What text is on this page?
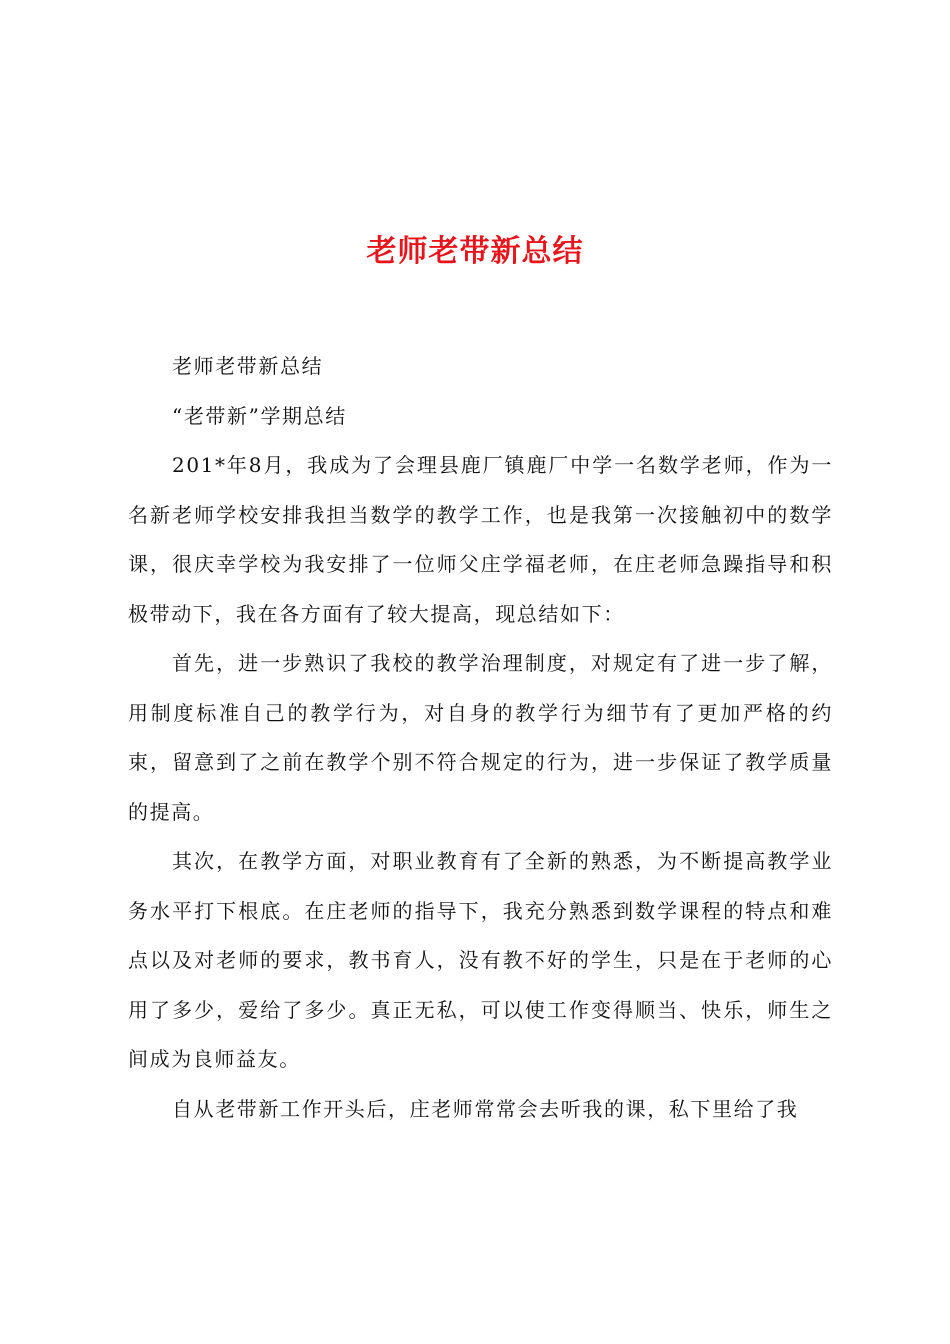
老师老带新总结

老师老带新总结

“老带新”学期总结

201*年8月，我成为了会理县鹿厂镇鹿厂中学一名数学老师，作为一名新老师学校安排我担当数学的教学工作，也是我第一次接触初中的数学课，很庆幸学校为我安排了一位师父庄学福老师，在庄老师急躁指导和积极带动下，我在各方面有了较大提高，现总结如下：

首先，进一步熟识了我校的教学治理制度，对规定有了进一步了解，用制度标准自己的教学行为，对自身的教学行为细节有了更加严格的约束，留意到了之前在教学个别不符合规定的行为，进一步保证了教学质量的提高。

其次，在教学方面，对职业教育有了全新的熟悉，为不断提高教学业务水平打下根底。在庄老师的指导下，我充分熟悉到数学课程的特点和难点以及对老师的要求，教书育人，没有教不好的学生，只是在于老师的心用了多少，爱给了多少。真正无私，可以使工作变得顺当、快乐，师生之间成为良师益友。

自从老带新工作开头后，庄老师常常会去听我的课，私下里给了我
